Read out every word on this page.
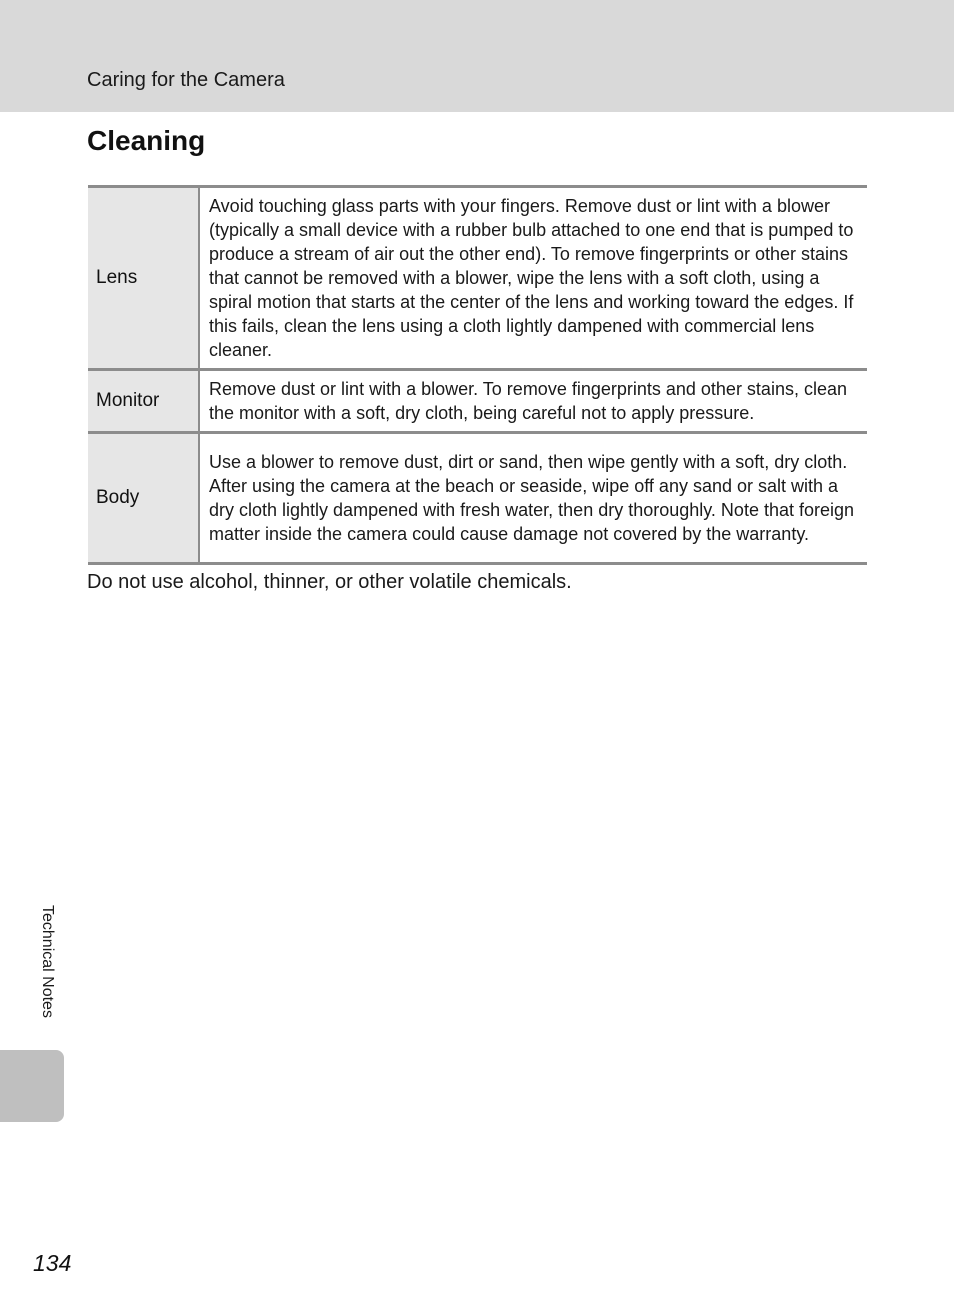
Caring for the Camera
Cleaning
Lens	Avoid touching glass parts with your fingers. Remove dust or lint with a blower (typically a small device with a rubber bulb attached to one end that is pumped to produce a stream of air out the other end). To remove fingerprints or other stains that cannot be removed with a blower, wipe the lens with a soft cloth, using a spiral motion that starts at the center of the lens and working toward the edges. If this fails, clean the lens using a cloth lightly dampened with commercial lens cleaner.
Monitor	Remove dust or lint with a blower. To remove fingerprints and other stains, clean the monitor with a soft, dry cloth, being careful not to apply pressure.
Body	Use a blower to remove dust, dirt or sand, then wipe gently with a soft, dry cloth. After using the camera at the beach or seaside, wipe off any sand or salt with a dry cloth lightly dampened with fresh water, then dry thoroughly. Note that foreign matter inside the camera could cause damage not covered by the warranty.
Do not use alcohol, thinner, or other volatile chemicals.
Technical Notes
134
